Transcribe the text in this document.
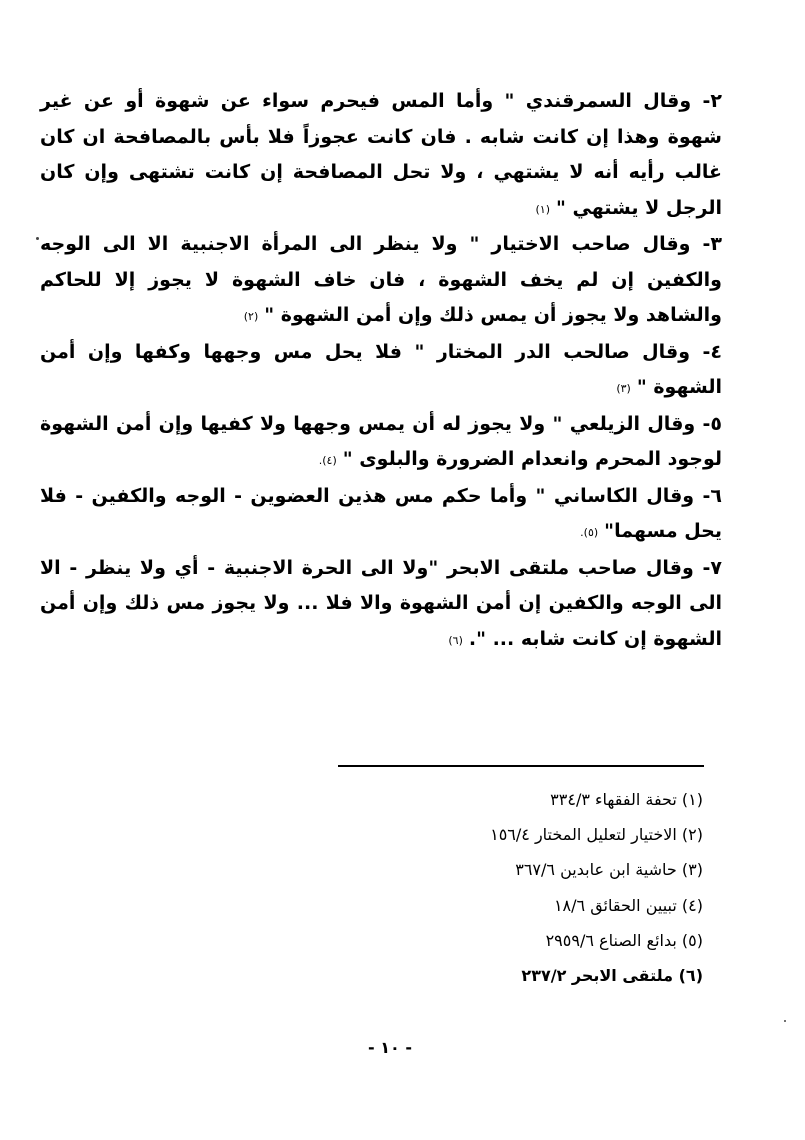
٢- وقال السمرقندي " وأما المس فيحرم سواء عن شهوة أو عن غير شهوة وهذا إن كانت شابه . فان كانت عجوزاً فلا بأس بالمصافحة ان كان غالب رأيه أنه لا يشتهي ، ولا تحل المصافحة إن كانت تشتهى وإن كان الرجل لا يشتهي "(١)

٣- وقال صاحب الاختيار " ولا ينظر الى المرأة الاجنبية الا الى الوجه والكفين إن لم يخف الشهوة ، فان خاف الشهوة لا يجوز إلا للحاكم والشاهد ولا يجوز أن يمس ذلك وإن أمن الشهوة "(٢)

٤- وقال صالحب الدر المختار " فلا يحل مس وجهها وكفها وإن أمن الشهوة "(٣)

٥- وقال الزيلعي " ولا يجوز له أن يمس وجهها ولا كفيها وإن أمن الشهوة لوجود المحرم وانعدام الضرورة والبلوى "(٤).

٦- وقال الكاساني " وأما حكم مس هذين العضوين - الوجه والكفين - فلا يحل مسهما"(٥).

٧- وقال صاحب ملتقى الابحر "ولا الى الحرة الاجنبية - أي ولا ينظر - الا الى الوجه والكفين إن أمن الشهوة والا فلا ... ولا يجوز مس ذلك وإن أمن الشهوة إن كانت شابه ... ".(٦)

(١) تحفة الفقهاء ٣٣٤/٣

(٢) الاختيار لتعليل المختار ١٥٦/٤

(٣) حاشية ابن عابدين ٣٦٧/٦

(٤) تبيين الحقائق ١٨/٦

(٥) بدائع الصناع ٢٩٥٩/٦

(٦) ملتقى الابحر ٢٣٧/٢

- ١٠ -
